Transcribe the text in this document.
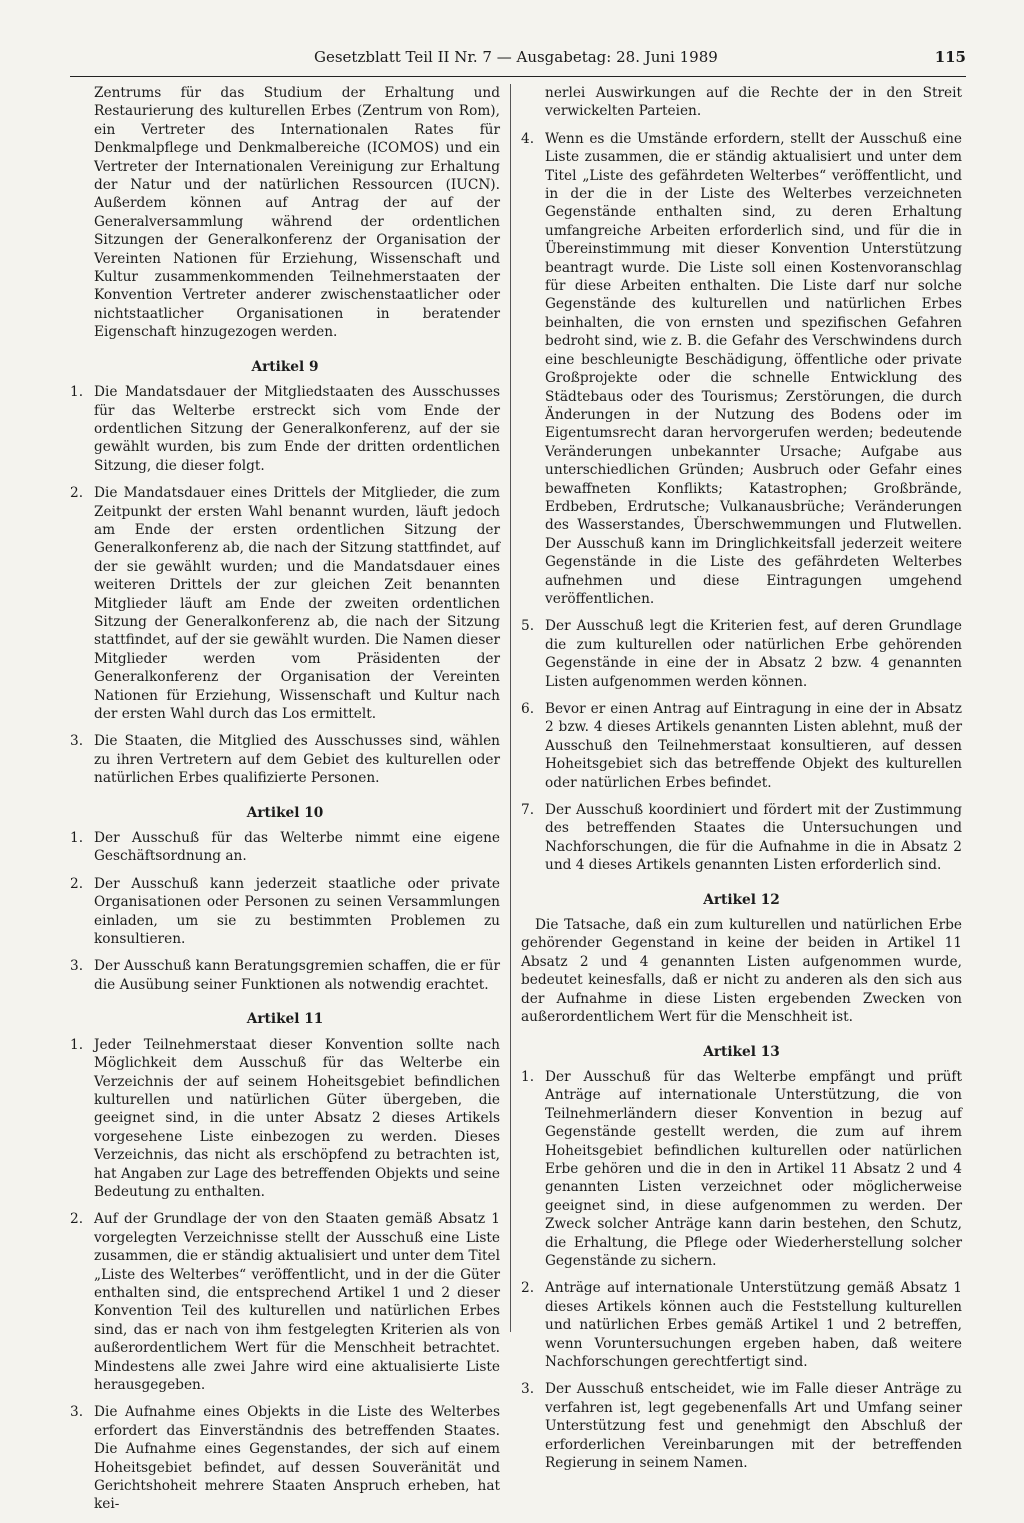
Gesetzblatt Teil II Nr. 7 — Ausgabetag: 28. Juni 1989	115

Zentrums für das Studium der Erhaltung und Restaurierung des kulturellen Erbes (Zentrum von Rom), ein Vertreter des Internationalen Rates für Denkmalpflege und Denkmalbereiche (ICOMOS) und ein Vertreter der Internationalen Vereinigung zur Erhaltung der Natur und der natürlichen Ressourcen (IUCN). Außerdem können auf Antrag der auf der Generalversammlung während der ordentlichen Sitzungen der Generalkonferenz der Organisation der Vereinten Nationen für Erziehung, Wissenschaft und Kultur zusammenkommenden Teilnehmerstaaten der Konvention Vertreter anderer zwischenstaatlicher oder nichtstaatlicher Organisationen in beratender Eigenschaft hinzugezogen werden.

Artikel 9
1. Die Mandatsdauer der Mitgliedstaaten des Ausschusses für das Welterbe erstreckt sich vom Ende der ordentlichen Sitzung der Generalkonferenz, auf der sie gewählt wurden, bis zum Ende der dritten ordentlichen Sitzung, die dieser folgt.

2. Die Mandatsdauer eines Drittels der Mitglieder, die zum Zeitpunkt der ersten Wahl benannt wurden, läuft jedoch am Ende der ersten ordentlichen Sitzung der Generalkonferenz ab, die nach der Sitzung stattfindet, auf der sie gewählt wurden; und die Mandatsdauer eines weiteren Drittels der zur gleichen Zeit benannten Mitglieder läuft am Ende der zweiten ordentlichen Sitzung der Generalkonferenz ab, die nach der Sitzung stattfindet, auf der sie gewählt wurden. Die Namen dieser Mitglieder werden vom Präsidenten der Generalkonferenz der Organisation der Vereinten Nationen für Erziehung, Wissenschaft und Kultur nach der ersten Wahl durch das Los ermittelt.

3. Die Staaten, die Mitglied des Ausschusses sind, wählen zu ihren Vertretern auf dem Gebiet des kulturellen oder natürlichen Erbes qualifizierte Personen.

Artikel 10
1. Der Ausschuß für das Welterbe nimmt eine eigene Geschäftsordnung an.

2. Der Ausschuß kann jederzeit staatliche oder private Organisationen oder Personen zu seinen Versammlungen einladen, um sie zu bestimmten Problemen zu konsultieren.

3. Der Ausschuß kann Beratungsgremien schaffen, die er für die Ausübung seiner Funktionen als notwendig erachtet.

Artikel 11
1. Jeder Teilnehmerstaat dieser Konvention sollte nach Möglichkeit dem Ausschuß für das Welterbe ein Verzeichnis der auf seinem Hoheitsgebiet befindlichen kulturellen und natürlichen Güter übergeben, die geeignet sind, in die unter Absatz 2 dieses Artikels vorgesehene Liste einbezogen zu werden. Dieses Verzeichnis, das nicht als erschöpfend zu betrachten ist, hat Angaben zur Lage des betreffenden Objekts und seine Bedeutung zu enthalten.

2. Auf der Grundlage der von den Staaten gemäß Absatz 1 vorgelegten Verzeichnisse stellt der Ausschuß eine Liste zusammen, die er ständig aktualisiert und unter dem Titel „Liste des Welterbes“ veröffentlicht, und in der die Güter enthalten sind, die entsprechend Artikel 1 und 2 dieser Konvention Teil des kulturellen und natürlichen Erbes sind, das er nach von ihm festgelegten Kriterien als von außerordentlichem Wert für die Menschheit betrachtet. Mindestens alle zwei Jahre wird eine aktualisierte Liste herausgegeben.

3. Die Aufnahme eines Objekts in die Liste des Welterbes erfordert das Einverständnis des betreffenden Staates. Die Aufnahme eines Gegenstandes, der sich auf einem Hoheitsgebiet befindet, auf dessen Souveränität und Gerichtshoheit mehrere Staaten Anspruch erheben, hat kei-

nerlei Auswirkungen auf die Rechte der in den Streit verwickelten Parteien.

4. Wenn es die Umstände erfordern, stellt der Ausschuß eine Liste zusammen, die er ständig aktualisiert und unter dem Titel „Liste des gefährdeten Welterbes“ veröffentlicht, und in der die in der Liste des Welterbes verzeichneten Gegenstände enthalten sind, zu deren Erhaltung umfangreiche Arbeiten erforderlich sind, und für die in Übereinstimmung mit dieser Konvention Unterstützung beantragt wurde. Die Liste soll einen Kostenvoranschlag für diese Arbeiten enthalten. Die Liste darf nur solche Gegenstände des kulturellen und natürlichen Erbes beinhalten, die von ernsten und spezifischen Gefahren bedroht sind, wie z. B. die Gefahr des Verschwindens durch eine beschleunigte Beschädigung, öffentliche oder private Großprojekte oder die schnelle Entwicklung des Städtebaus oder des Tourismus; Zerstörungen, die durch Änderungen in der Nutzung des Bodens oder im Eigentumsrecht daran hervorgerufen werden; bedeutende Veränderungen unbekannter Ursache; Aufgabe aus unterschiedlichen Gründen; Ausbruch oder Gefahr eines bewaffneten Konflikts; Katastrophen; Großbrände, Erdbeben, Erdrutsche; Vulkanausbrüche; Veränderungen des Wasserstandes, Überschwemmungen und Flutwellen. Der Ausschuß kann im Dringlichkeitsfall jederzeit weitere Gegenstände in die Liste des gefährdeten Welterbes aufnehmen und diese Eintragungen umgehend veröffentlichen.

5. Der Ausschuß legt die Kriterien fest, auf deren Grundlage die zum kulturellen oder natürlichen Erbe gehörenden Gegenstände in eine der in Absatz 2 bzw. 4 genannten Listen aufgenommen werden können.

6. Bevor er einen Antrag auf Eintragung in eine der in Absatz 2 bzw. 4 dieses Artikels genannten Listen ablehnt, muß der Ausschuß den Teilnehmerstaat konsultieren, auf dessen Hoheitsgebiet sich das betreffende Objekt des kulturellen oder natürlichen Erbes befindet.

7. Der Ausschuß koordiniert und fördert mit der Zustimmung des betreffenden Staates die Untersuchungen und Nachforschungen, die für die Aufnahme in die in Absatz 2 und 4 dieses Artikels genannten Listen erforderlich sind.

Artikel 12

Die Tatsache, daß ein zum kulturellen und natürlichen Erbe gehörender Gegenstand in keine der beiden in Artikel 11 Absatz 2 und 4 genannten Listen aufgenommen wurde, bedeutet keinesfalls, daß er nicht zu anderen als den sich aus der Aufnahme in diese Listen ergebenden Zwecken von außerordentlichem Wert für die Menschheit ist.

Artikel 13
1. Der Ausschuß für das Welterbe empfängt und prüft Anträge auf internationale Unterstützung, die von Teilnehmerländern dieser Konvention in bezug auf Gegenstände gestellt werden, die zum auf ihrem Hoheitsgebiet befindlichen kulturellen oder natürlichen Erbe gehören und die in den in Artikel 11 Absatz 2 und 4 genannten Listen verzeichnet oder möglicherweise geeignet sind, in diese aufgenommen zu werden. Der Zweck solcher Anträge kann darin bestehen, den Schutz, die Erhaltung, die Pflege oder Wiederherstellung solcher Gegenstände zu sichern.

2. Anträge auf internationale Unterstützung gemäß Absatz 1 dieses Artikels können auch die Feststellung kulturellen und natürlichen Erbes gemäß Artikel 1 und 2 betreffen, wenn Voruntersuchungen ergeben haben, daß weitere Nachforschungen gerechtfertigt sind.

3. Der Ausschuß entscheidet, wie im Falle dieser Anträge zu verfahren ist, legt gegebenenfalls Art und Umfang seiner Unterstützung fest und genehmigt den Abschluß der erforderlichen Vereinbarungen mit der betreffenden Regierung in seinem Namen.
